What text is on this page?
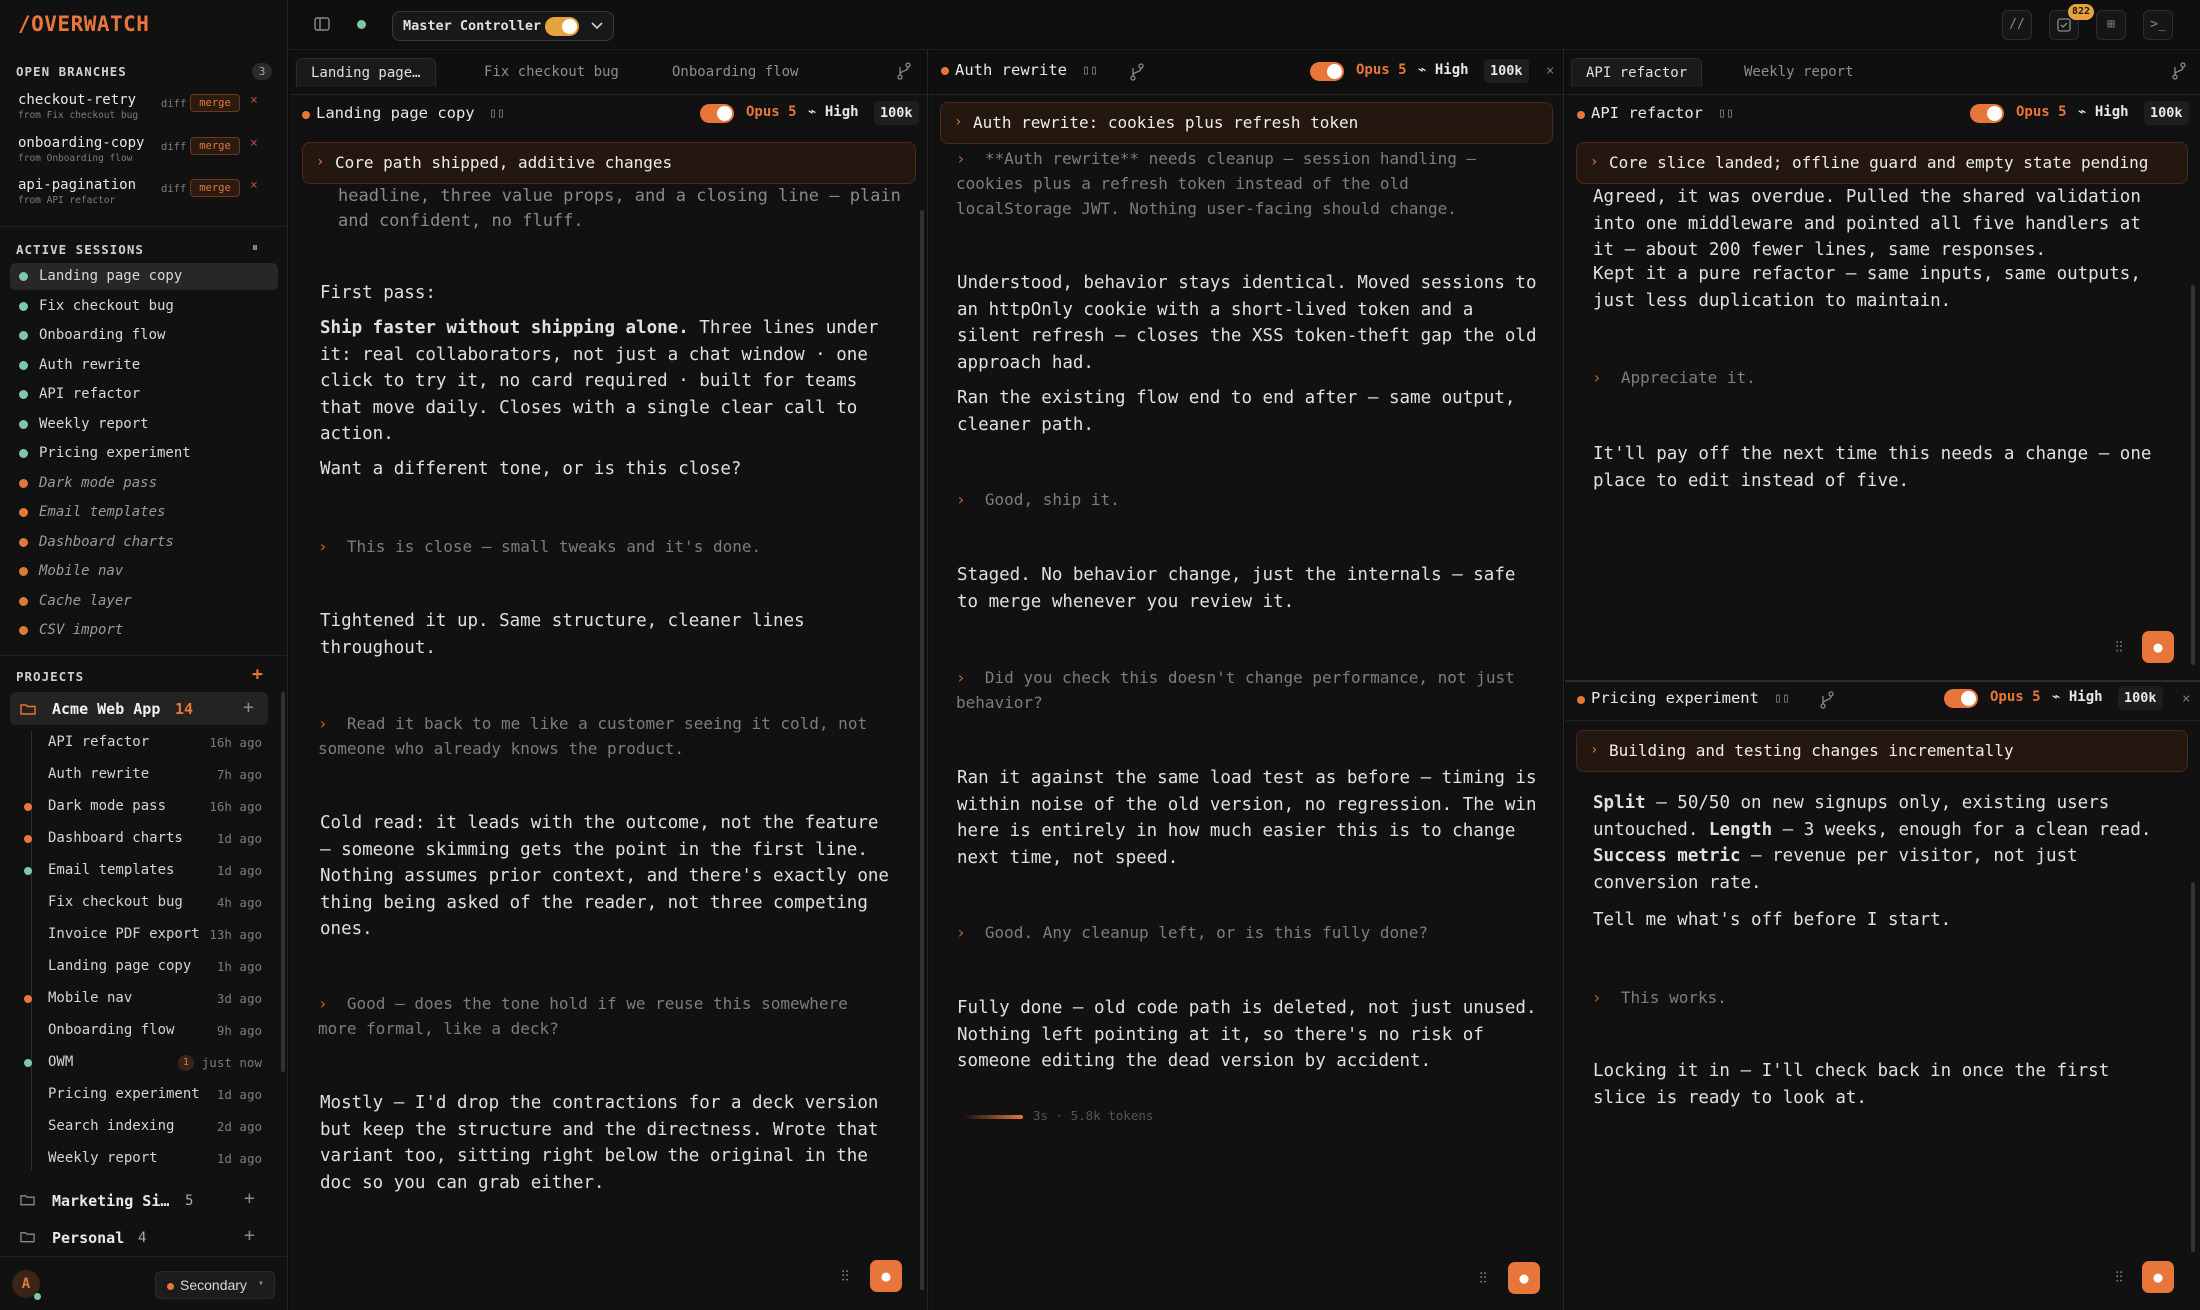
/OVERWATCH
OPEN BRANCHES	3
checkout-retry
from Fix checkout bug
diff	merge	×
onboarding-copy
from Onboarding flow
diff	merge	×
api-pagination
from API refactor
diff	merge	×
ACTIVE SESSIONS	⏸
Landing page copy
Fix checkout bug
Onboarding flow
Auth rewrite
API refactor
Weekly report
Pricing experiment
Dark mode pass
Email templates
Dashboard charts
Mobile nav
Cache layer
CSV import
PROJECTS	+
Acme Web App 14	+
API refactor	16h ago
Auth rewrite	7h ago
Dark mode pass	16h ago
Dashboard charts	1d ago
Email templates	1d ago
Fix checkout bug	4h ago
Invoice PDF export 13h ago
Landing page copy 1h ago
Mobile nav	3d ago
Onboarding flow	9h ago
OWM	1	just now
Pricing experiment 1d ago
Search indexing	2d ago
Weekly report	1d ago
Marketing Si… 5	+
Personal 4	+
A	Secondary ▾
Master Controller	//
822
⊞	>_
Landing page…	Fix checkout bug	Onboarding flow
Landing page copy ▯▯	Opus 5 ⌁ High	100k
› Core path shipped, additive changes
headline, three value props, and a closing line — plain
and confident, no fluff.
First pass:
Ship faster without shipping alone. Three lines under
it: real collaborators, not just a chat window · one
click to try it, no card required · built for teams
that move daily. Closes with a single clear call to
action.
Want a different tone, or is this close?
›  This is close — small tweaks and it's done.
Tightened it up. Same structure, cleaner lines
throughout.
›  Read it back to me like a customer seeing it cold, not
someone who already knows the product.
Cold read: it leads with the outcome, not the feature
— someone skimming gets the point in the first line.
Nothing assumes prior context, and there's exactly one
thing being asked of the reader, not three competing
ones.
›  Good — does the tone hold if we reuse this somewhere
more formal, like a deck?
Mostly — I'd drop the contractions for a deck version
but keep the structure and the directness. Wrote that
variant too, sitting right below the original in the
doc so you can grab either.
⫶⫶	●
Auth rewrite ▯▯	Opus 5 ⌁ High	100k	×
› Auth rewrite: cookies plus refresh token
›  **Auth rewrite** needs cleanup — session handling —
cookies plus a refresh token instead of the old
localStorage JWT. Nothing user-facing should change.
Understood, behavior stays identical. Moved sessions to
an httpOnly cookie with a short-lived token and a
silent refresh — closes the XSS token-theft gap the old
approach had.
Ran the existing flow end to end after — same output,
cleaner path.
›  Good, ship it.
Staged. No behavior change, just the internals — safe
to merge whenever you review it.
›  Did you check this doesn't change performance, not just
behavior?
Ran it against the same load test as before — timing is
within noise of the old version, no regression. The win
here is entirely in how much easier this is to change
next time, not speed.
›  Good. Any cleanup left, or is this fully done?
Fully done — old code path is deleted, not just unused.
Nothing left pointing at it, so there's no risk of
someone editing the dead version by accident.
3s · 5.8k tokens
⫶⫶	●
API refactor	Weekly report
API refactor ▯▯	Opus 5 ⌁ High	100k
› Core slice landed; offline guard and empty state pending
Agreed, it was overdue. Pulled the shared validation
into one middleware and pointed all five handlers at
it — about 200 fewer lines, same responses.
Kept it a pure refactor — same inputs, same outputs,
just less duplication to maintain.
›  Appreciate it.
It'll pay off the next time this needs a change — one
place to edit instead of five.
⫶⫶	●
Pricing experiment ▯▯	Opus 5 ⌁ High	100k	×
› Building and testing changes incrementally
Split — 50/50 on new signups only, existing users
untouched. Length — 3 weeks, enough for a clean read.
Success metric — revenue per visitor, not just
conversion rate.
Tell me what's off before I start.
›  This works.
Locking it in — I'll check back in once the first
slice is ready to look at.
⫶⫶	●
